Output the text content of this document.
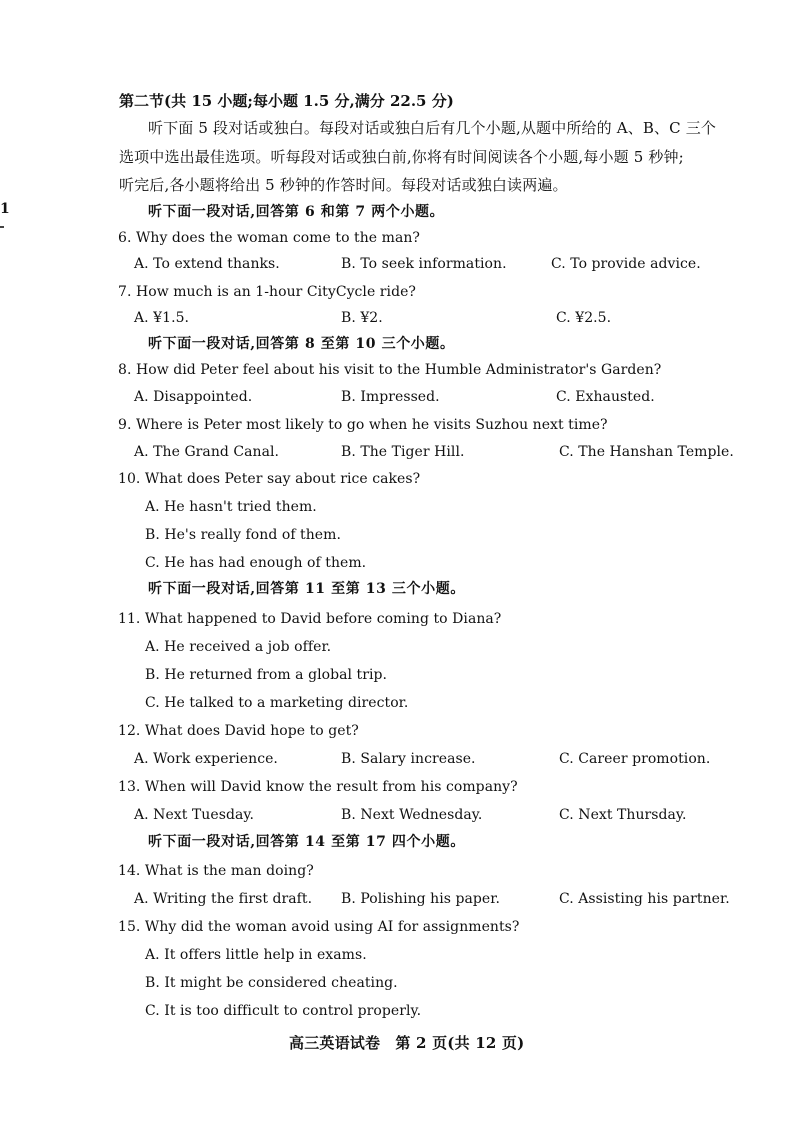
1
第二节(共 15 小题;每小题 1.5 分,满分 22.5 分)
听下面 5 段对话或独白。每段对话或独白后有几个小题,从题中所给的 A、B、C 三个
选项中选出最佳选项。听每段对话或独白前,你将有时间阅读各个小题,每小题 5 秒钟;
听完后,各小题将给出 5 秒钟的作答时间。每段对话或独白读两遍。
听下面一段对话,回答第 6 和第 7 两个小题。
6. Why does the woman come to the man?
A. To extend thanks.	B. To seek information.	C. To provide advice.
7. How much is an 1-hour CityCycle ride?
A. ¥1.5.	B. ¥2.	C. ¥2.5.
听下面一段对话,回答第 8 至第 10 三个小题。
8. How did Peter feel about his visit to the Humble Administrator's Garden?
A. Disappointed.	B. Impressed.	C. Exhausted.
9. Where is Peter most likely to go when he visits Suzhou next time?
A. The Grand Canal.	B. The Tiger Hill.	C. The Hanshan Temple.
10. What does Peter say about rice cakes?
A. He hasn't tried them.
B. He's really fond of them.
C. He has had enough of them.
听下面一段对话,回答第 11 至第 13 三个小题。
11. What happened to David before coming to Diana?
A. He received a job offer.
B. He returned from a global trip.
C. He talked to a marketing director.
12. What does David hope to get?
A. Work experience.	B. Salary increase.	C. Career promotion.
13. When will David know the result from his company?
A. Next Tuesday.	B. Next Wednesday.	C. Next Thursday.
听下面一段对话,回答第 14 至第 17 四个小题。
14. What is the man doing?
A. Writing the first draft. B. Polishing his paper.	C. Assisting his partner.
15. Why did the woman avoid using AI for assignments?
A. It offers little help in exams.
B. It might be considered cheating.
C. It is too difficult to control properly.
高三英语试卷　第 2 页(共 12 页)
